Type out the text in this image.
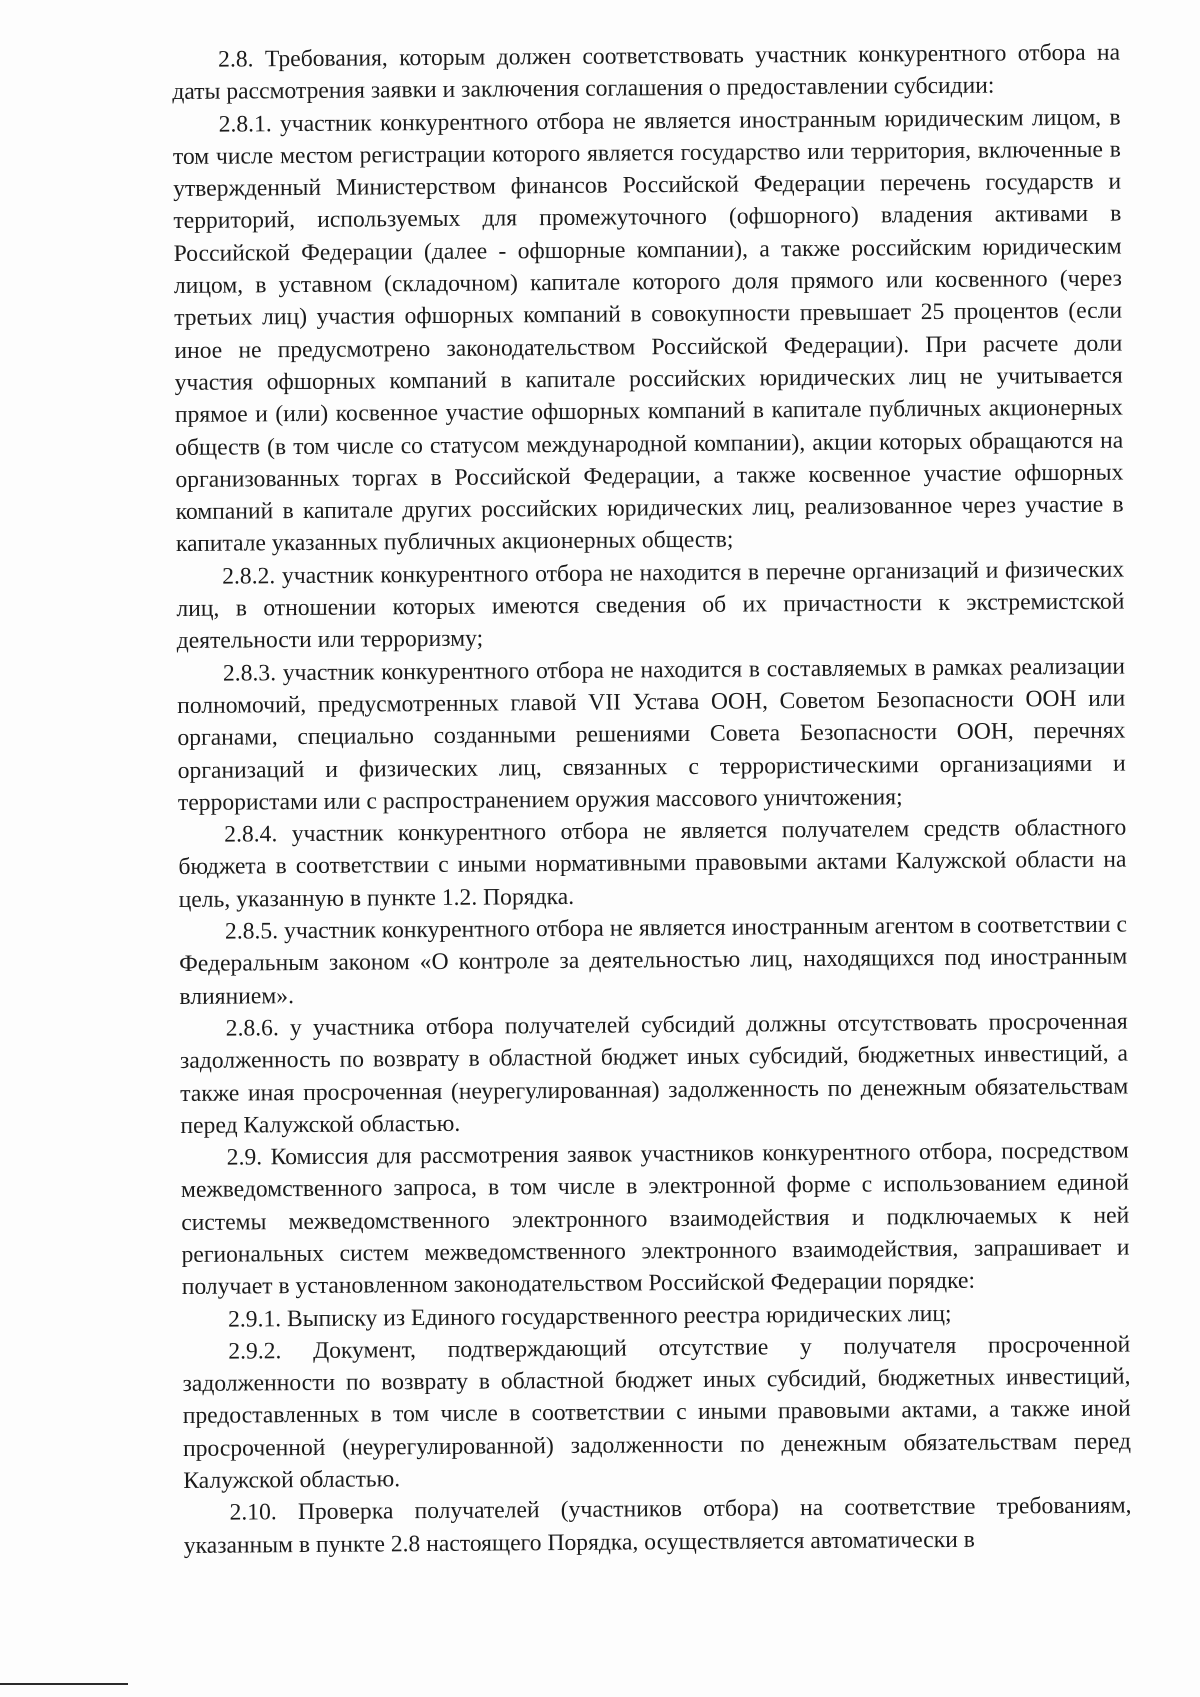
2.8. Требования, которым должен соответствовать участник конкурентного отбора на даты рассмотрения заявки и заключения соглашения о предоставлении субсидии:

2.8.1. участник конкурентного отбора не является иностранным юридическим лицом, в том числе местом регистрации которого является государство или территория, включенные в утвержденный Министерством финансов Российской Федерации перечень государств и территорий, используемых для промежуточного (офшорного) владения активами в Российской Федерации (далее - офшорные компании), а также российским юридическим лицом, в уставном (складочном) капитале которого доля прямого или косвенного (через третьих лиц) участия офшорных компаний в совокупности превышает 25 процентов (если иное не предусмотрено законодательством Российской Федерации). При расчете доли участия офшорных компаний в капитале российских юридических лиц не учитывается прямое и (или) косвенное участие офшорных компаний в капитале публичных акционерных обществ (в том числе со статусом международной компании), акции которых обращаются на организованных торгах в Российской Федерации, а также косвенное участие офшорных компаний в капитале других российских юридических лиц, реализованное через участие в капитале указанных публичных акционерных обществ;

2.8.2. участник конкурентного отбора не находится в перечне организаций и физических лиц, в отношении которых имеются сведения об их причастности к экстремистской деятельности или терроризму;

2.8.3. участник конкурентного отбора не находится в составляемых в рамках реализации полномочий, предусмотренных главой VII Устава ООН, Советом Безопасности ООН или органами, специально созданными решениями Совета Безопасности ООН, перечнях организаций и физических лиц, связанных с террористическими организациями и террористами или с распространением оружия массового уничтожения;

2.8.4. участник конкурентного отбора не является получателем средств областного бюджета в соответствии с иными нормативными правовыми актами Калужской области на цель, указанную в пункте 1.2. Порядка.

2.8.5. участник конкурентного отбора не является иностранным агентом в соответствии с Федеральным законом «О контроле за деятельностью лиц, находящихся под иностранным влиянием».

2.8.6. у участника отбора получателей субсидий должны отсутствовать просроченная задолженность по возврату в областной бюджет иных субсидий, бюджетных инвестиций, а также иная просроченная (неурегулированная) задолженность по денежным обязательствам перед Калужской областью.

2.9. Комиссия для рассмотрения заявок участников конкурентного отбора, посредством межведомственного запроса, в том числе в электронной форме с использованием единой системы межведомственного электронного взаимодействия и подключаемых к ней региональных систем межведомственного электронного взаимодействия, запрашивает и получает в установленном законодательством Российской Федерации порядке:

2.9.1. Выписку из Единого государственного реестра юридических лиц;

2.9.2. Документ, подтверждающий отсутствие у получателя просроченной задолженности по возврату в областной бюджет иных субсидий, бюджетных инвестиций, предоставленных в том числе в соответствии с иными правовыми актами, а также иной просроченной (неурегулированной) задолженности по денежным обязательствам перед Калужской областью.

2.10. Проверка получателей (участников отбора) на соответствие требованиям, указанным в пункте 2.8 настоящего Порядка, осуществляется автоматически в
